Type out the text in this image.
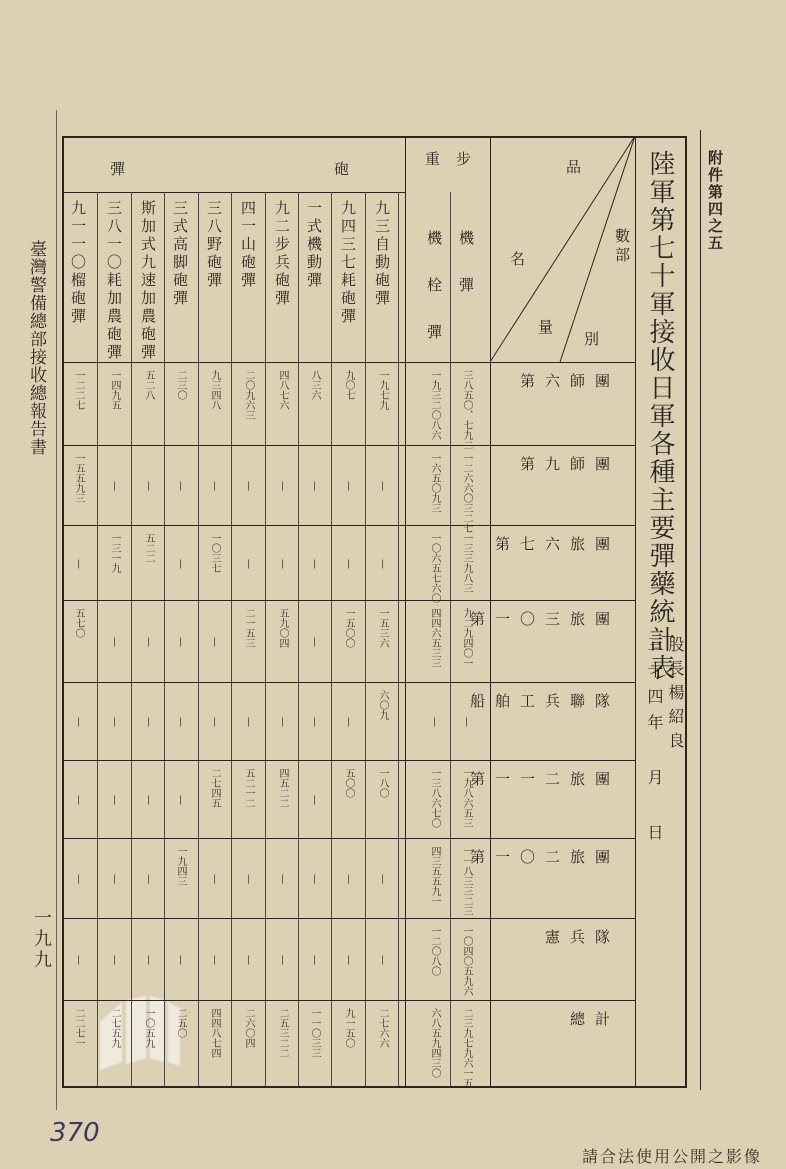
附件第四之五
臺灣警備總部接收總報告書
一九九
370
請合法使用公開之影像
陸軍第七十軍接收日軍各種主要彈藥統計表
股長楊紹良
三十四年 月 日
品
數部
名
量
別
步
重
彈	砲
機彈
機栓彈
九三自動砲彈
九四三七耗砲彈
一式機動彈
九二步兵砲彈
四一山砲彈
三八野砲彈
三式高脚砲彈
斯加式九速加農砲彈
三八一〇耗加農砲彈
九一一〇榴砲彈
第六師團
第九師團
第七六旅團
第一〇三旅團
船舶工兵聯隊
第一一二旅團
第一〇二旅團
憲兵隊
總計
三八五〇、七九二
一九三二〇八六
一九七九
九〇七
八三六
四八七六
二〇九六三
九三四八
二三〇
五二八
一四九五
一二二七
一二六六〇三二七
一六五〇九三
—
—
—
—
—
—
—
—
—
一五五九三
一三三九八三
一〇六五七六〇
—
—
—
—
—
一〇三七
—
五二二
一三一九
—
九二九四〇一
四四六五三三
一五三六
一五〇〇
—
五九〇四
二一五三
—
—
—
—
五七〇
—
—
六〇九
—
—
—
—
—
—
—
—
—
一九八六五三
一三八六七〇
一八〇
五〇〇
—
四五二二
五二一二
二七四五
—
—
—
—
一一八三三二三
四三五五九一
—
—
—
—
—
—
一九四三
—
—
—
一〇四〇五九六
一二〇八〇
—
—
—
—
—
—
—
—
—
—
二三九七九六一五
六八五九四三〇
二七六六
九一五〇
一一〇三三
二五三二二
二六〇四
四四八七四
二五〇
一〇五九
二七五九
二二七一
